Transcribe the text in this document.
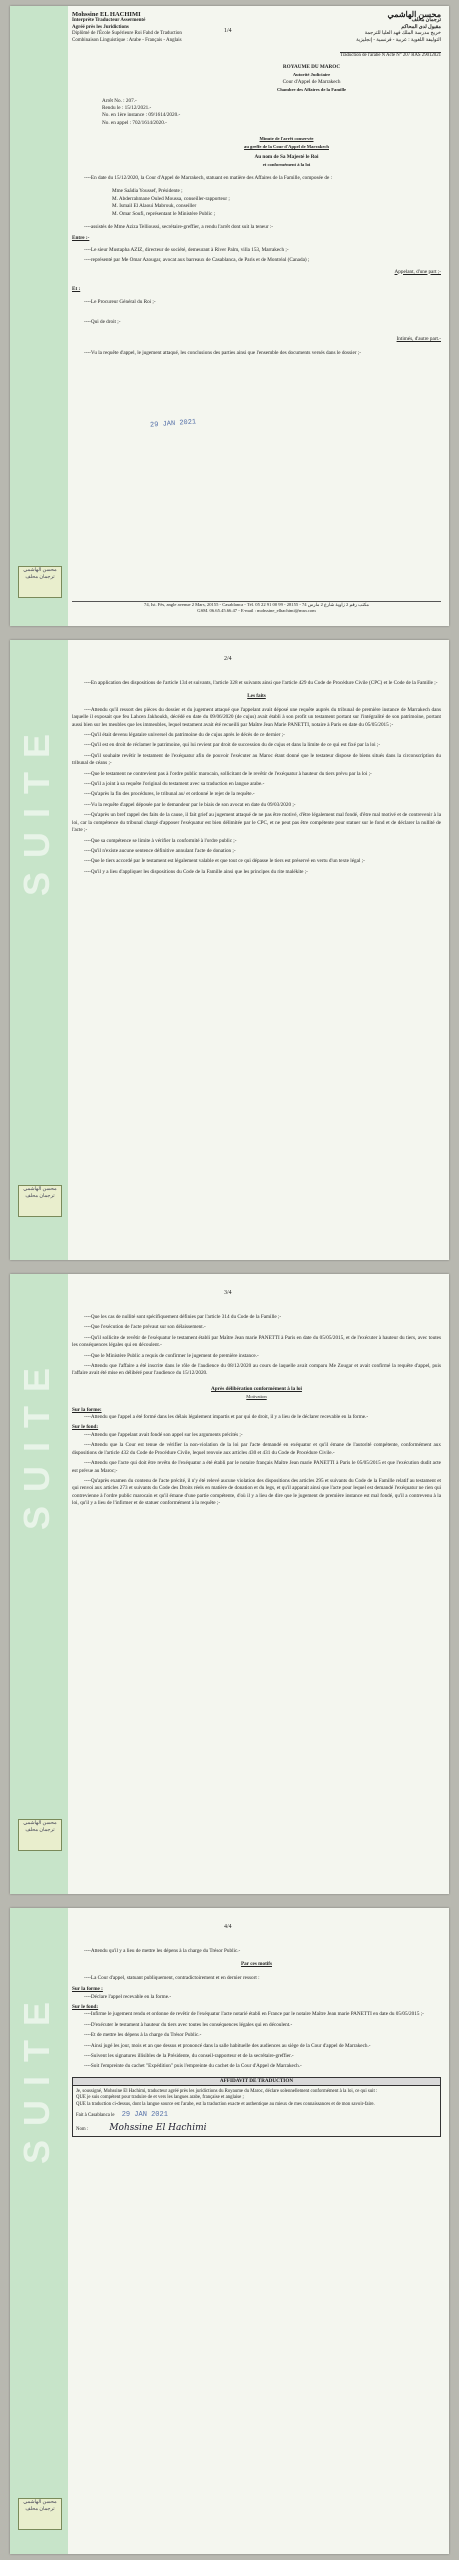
محسن الهاشمي ترجمان محلف
Mohssine EL HACHIMI
Interprète Traducteur Assermenté
Agréé près les Juridictions
Diplômé de l'École Supérieure Roi Fahd de Traduction
Combinaison Linguistique : Arabe - Français - Anglais
1/4
محسن الهاشمي
ترجمان محلف
مقبول لدى المحاكم
خريج مدرسة الملك فهد العليا للترجمة
التوليفة اللغوية : عربية - فرنسية - إنجليزية
Traduction de l'arabe N Acte N° 207 RAS 29012021
ROYAUME DU MAROC
Autorité Judiciaire
Cour d'Appel de Marrakech
Chambre des Affaires de la Famille
Arrêt No. : 207.-
Rendu le : 15/12/2021.-
No. en 1ère instance : 09/1614/2020.-
No. en appel : 702/1614/2020.-
Minute de l'arrêt conservée
au greffe de la Cour d'Appel de Marrakech
Au nom de Sa Majesté le Roi
et conformément à la loi

----En date du 15/12/2020, la Cour d'Appel de Marrakech, statuant en matière des Affaires de la Famille, composée de :

Mme Saâdia Youssef, Présidente ;
M. Abderrahmane Ouled Moussa, conseiller-rapporteur ;
M. Ismail El Alaoui Mabrouk, conseiller
M. Omar Soufi, représentant le Ministère Public ;

----assistés de Mme Aziza Tellioussi, secrétaire-greffier, a rendu l'arrêt dont suit la teneur :-

Entre :-

----Le sieur Mustapha AZIZ, directeur de société, demeurant à River Palm, villa 153, Marrakech ;-

----représenté par Me Omar Azougar, avocat aux barreaux de Casablanca, de Paris et de Montréal (Canada) ;

Appelant, d'une part ;-
Et :

----Le Procureur Général du Roi ;-

----Qui de droit ;-

Intimés, d'autre part.-

----Vu la requête d'appel, le jugement attaqué, les conclusions des parties ainsi que l'ensemble des documents versés dans le dossier ;-

29 JAN 2021
74, Ist. Fès, angle avenue 2 Mars, 20155 - Casablanca - Tél. 05 22 91 00 99 - 28155 - 74 مكتب رقم 2 زاوية شارع 2 مارس
GSM. 06.65.45.66.47 - E-mail : mohssine_elhachimi@msn.com
SUITE
محسن الهاشمي ترجمان محلف
2/4

----En application des dispositions de l'article 134 et suivants, l'article 328 et suivants ainsi que l'article 429 du Code de Procédure Civile (CPC) et le Code de la Famille ;-

Les faits

----Attendu qu'il ressort des pièces du dossier et du jugement attaqué que l'appelant avait déposé une requête auprès du tribunal de première instance de Marrakech dans laquelle il exposait que feu Lahcen Jakhoukh, décédé en date du 09/06/2020 (de cujus) avait établi à son profit un testament portant sur l'intégralité de son patrimoine, portant aussi bien sur les meubles que les immeubles, lequel testament avait été recueilli par Maître Jean Marie PANETTI, notaire à Paris en date du 05/05/2015 ;-

----Qu'il était devenu légataire universel du patrimoine du de cujus après le décès de ce dernier ;-

----Qu'il est en droit de réclamer le patrimoine, qui lui revient par droit de succession du de cujus et dans la limite de ce qui est fixé par la loi ;-

----Qu'il souhaite revêtir le testament de l'exéquatur afin de pouvoir l'exécuter au Maroc étant donné que le testateur dispose de biens situés dans la circonscription du tribunal de céans ;-

----Que le testament ne contrevient pas à l'ordre public marocain, sollicitant de le revêtir de l'exéquatur à hauteur du tiers prévu par la loi ;-

----Qu'il a joint à sa requête l'original du testament avec sa traduction en langue arabe.-

----Qu'après la fin des procédures, le tribunal au/ et ordonné le rejet de la requête.-

----Vu la requête d'appel déposée par le demandeur par le biais de son avocat en date du 09/03/2020 ;-

----Qu'après un bref rappel des faits de la cause, il fait grief au jugement attaqué de ne pas être motivé, d'être légalement mal fondé, d'être mal motivé et de contrevenir à la loi, car la compétence du tribunal chargé d'apposer l'exéquatur est bien délimitée par le CPC, et ne peut pas être compétente pour statuer sur le fond et de déclarer la nullité de l'acte ;-

----Que sa compétence se limite à vérifier la conformité à l'ordre public ;-

----Qu'il n'existe aucune sentence définitive annulant l'acte de donation ;-

----Que le tiers accordé par le testament est légalement valable et que tout ce qui dépasse le tiers est préservé en vertu d'un texte légal ;-

----Qu'il y a lieu d'appliquer les dispositions du Code de la Famille ainsi que les principes du rite malékite ;-

SUITE
محسن الهاشمي ترجمان محلف
3/4

----Que les cas de nullité sont spécifiquement définies par l'article 314 du Code de la Famille ;-

----Que l'exécution de l'acte prévaut sur son délaissement.-

----Qu'il sollicite de revêtir de l'exéquatur le testament établi par Maître Jean marie PANETTI à Paris en date du 05/05/2015, et de l'exécuter à hauteur du tiers, avec toutes les conséquences légales qui en découlent.-

----Que le Ministère Public a requis de confirmer le jugement de première instance.-

----Attendu que l'affaire a été inscrite dans le rôle de l'audience du 08/12/2020 au cours de laquelle avait comparu Me Zougar et avait confirmé la requête d'appel, puis l'affaire avait été mise en délibéré pour l'audience du 15/12/2020.

Après délibération conformément à la loi
Motivation
Sur la forme:

----Attendu que l'appel a été formé dans les délais légalement impartis et par qui de droit, il y a lieu de le déclarer recevable en la forme.-

Sur le fond:

----Attendu que l'appelant avait fondé son appel sur les arguments précités ;-

----Attendu que la Cour est tenue de vérifier la non-violation de la loi par l'acte demandé en exéquatur et qu'il émane de l'autorité compétente, conformément aux dispositions de l'article 432 du Code de Procédure Civile, lequel renvoie aux articles 430 et 431 du Code de Procédure Civile.-

----Attendu que l'acte qui doit être revêtu de l'exéquatur a été établi par le notaire français Maître Jean marie PANETTI à Paris le 05/05/2015 et que l'exécution dudit acte est prévue au Maroc;-

----Qu'après examen du contenu de l'acte précité, il n'y été relevé aucune violation des dispositions des articles 295 et suivants du Code de la Famille relatif au testament et qui renvoi aux articles 273 et suivants du Code des Droits réels en matière de donation et du legs, et qu'il apparait ainsi que l'acte pour lequel est demandé l'exéquatur ne rien qui contrevienne à l'ordre public marocain et qu'il émane d'une partie compétente, d'où il y a lieu de dire que le jugement de première instance est mal fondé, qu'il a contrevenu à la loi, qu'il y a lieu de l'infirmer et de statuer conformément à la requête ;-

SUITE
محسن الهاشمي ترجمان محلف
4/4

----Attendu qu'il y a lieu de mettre les dépens à la charge du Trésor Public.-

Par ces motifs

----La Cour d'appel, statuant publiquement, contradictoirement et en dernier ressort :

Sur la forme :

----Déclare l'appel recevable en la forme.-

Sur le fond:

----Infirme le jugement rendu et ordonne de revêtir de l'exéquatur l'acte notarié établi en France par le notaire Maître Jean marie PANETTI en date du 05/05/2015 ;-

----D'exécuter le testament à hauteur du tiers avec toutes les conséquences légales qui en découlent.-

----Et de mettre les dépens à la charge du Trésor Public.-

----Ainsi jugé les jour, mois et an que dessus et prononcé dans la salle habituelle des audiences au siège de la Cour d'appel de Marrakech.-

----Suivent les signatures illisibles de la Présidente, du conseil-rapporteur et de la secrétaire-greffier.-

----Soit l'empreinte du cachet "Expédition" puis l'empreinte du cachet de la Cour d'Appel de Marrakech.-

AFFIDAVIT DE TRADUCTION
Je, soussigné, Mohssine El Hachimi, traducteur agréé près les juridictions du Royaume du Maroc, déclare solennellement conformément à la loi, ce qui suit :
QUE je suis compétent pour traduire de et vers les langues arabe, française et anglaise ;
QUE la traduction ci-dessus, dont la langue source est l'arabe, est la traduction exacte et authentique au mieux de mes connaissances et de mon savoir-faire.
Fait à Casablanca le 29 JAN 2021
Nom : Mohssine El Hachimi
